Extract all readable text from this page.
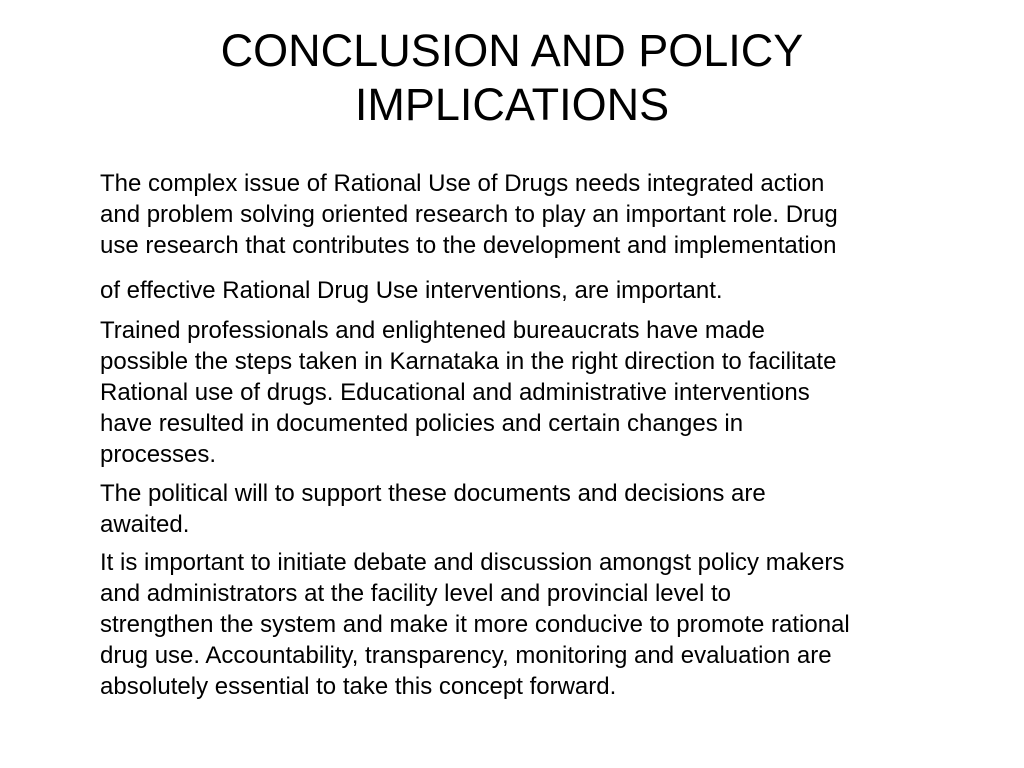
CONCLUSION AND POLICY
IMPLICATIONS

The complex issue of Rational Use of Drugs needs integrated action
and problem solving oriented research to play an important role. Drug
use research that contributes to the development and implementation
of effective Rational Drug Use interventions, are important.

Trained professionals and enlightened bureaucrats have made
possible the steps taken in Karnataka in the right direction to facilitate
Rational use of drugs. Educational and administrative interventions
have resulted in documented policies and certain changes in
processes.

The political will to support these documents and decisions are
awaited.

It is important to initiate debate and discussion amongst policy makers
and administrators at the facility level and provincial level to
strengthen the system and make it more conducive to promote rational
drug use. Accountability, transparency, monitoring and evaluation are
absolutely essential to take this concept forward.
